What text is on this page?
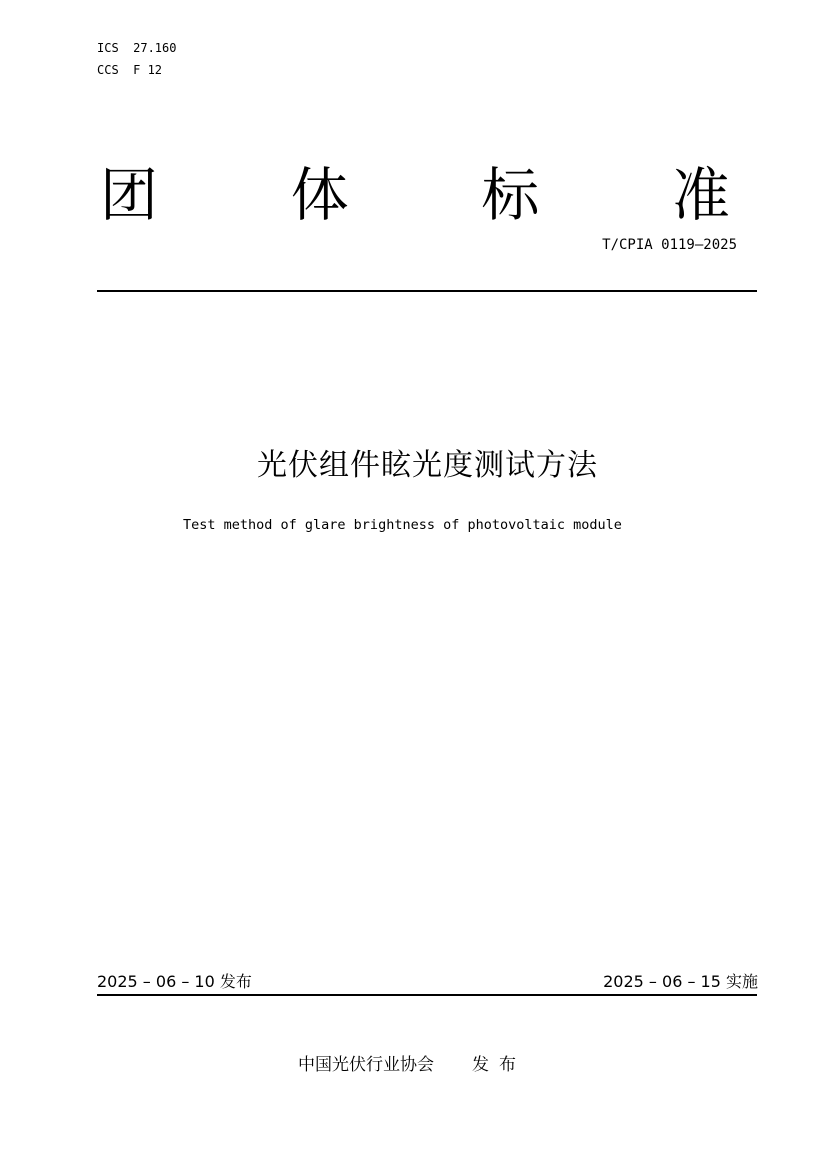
ICS  27.160
CCS  F 12
团 体 标 准
T/CPIA 0119—2025
光伏组件眩光度测试方法
Test method of glare brightness of photovoltaic module
2025 – 06 – 10 发布	2025 – 06 – 15 实施
中国光伏行业协会 发布
